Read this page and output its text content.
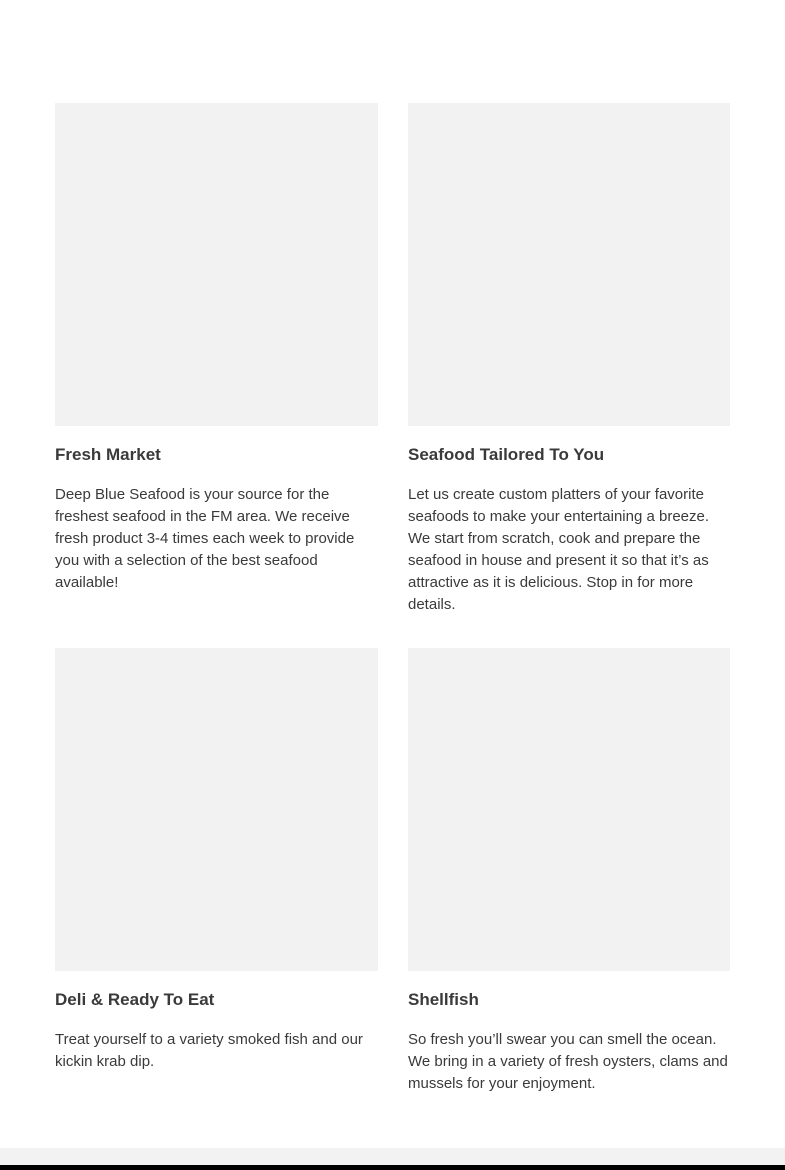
Fresh Market

Deep Blue Seafood is your source for the freshest seafood in the FM area. We receive fresh product 3-4 times each week to provide you with a selection of the best seafood available!

Seafood Tailored To You

Let us create custom platters of your favorite seafoods to make your entertaining a breeze. We start from scratch, cook and prepare the seafood in house and present it so that it’s as attractive as it is delicious. Stop in for more details.

Deli & Ready To Eat

Treat yourself to a variety smoked fish and our kickin krab dip.

Shellfish

So fresh you’ll swear you can smell the ocean. We bring in a variety of fresh oysters, clams and mussels for your enjoyment.
